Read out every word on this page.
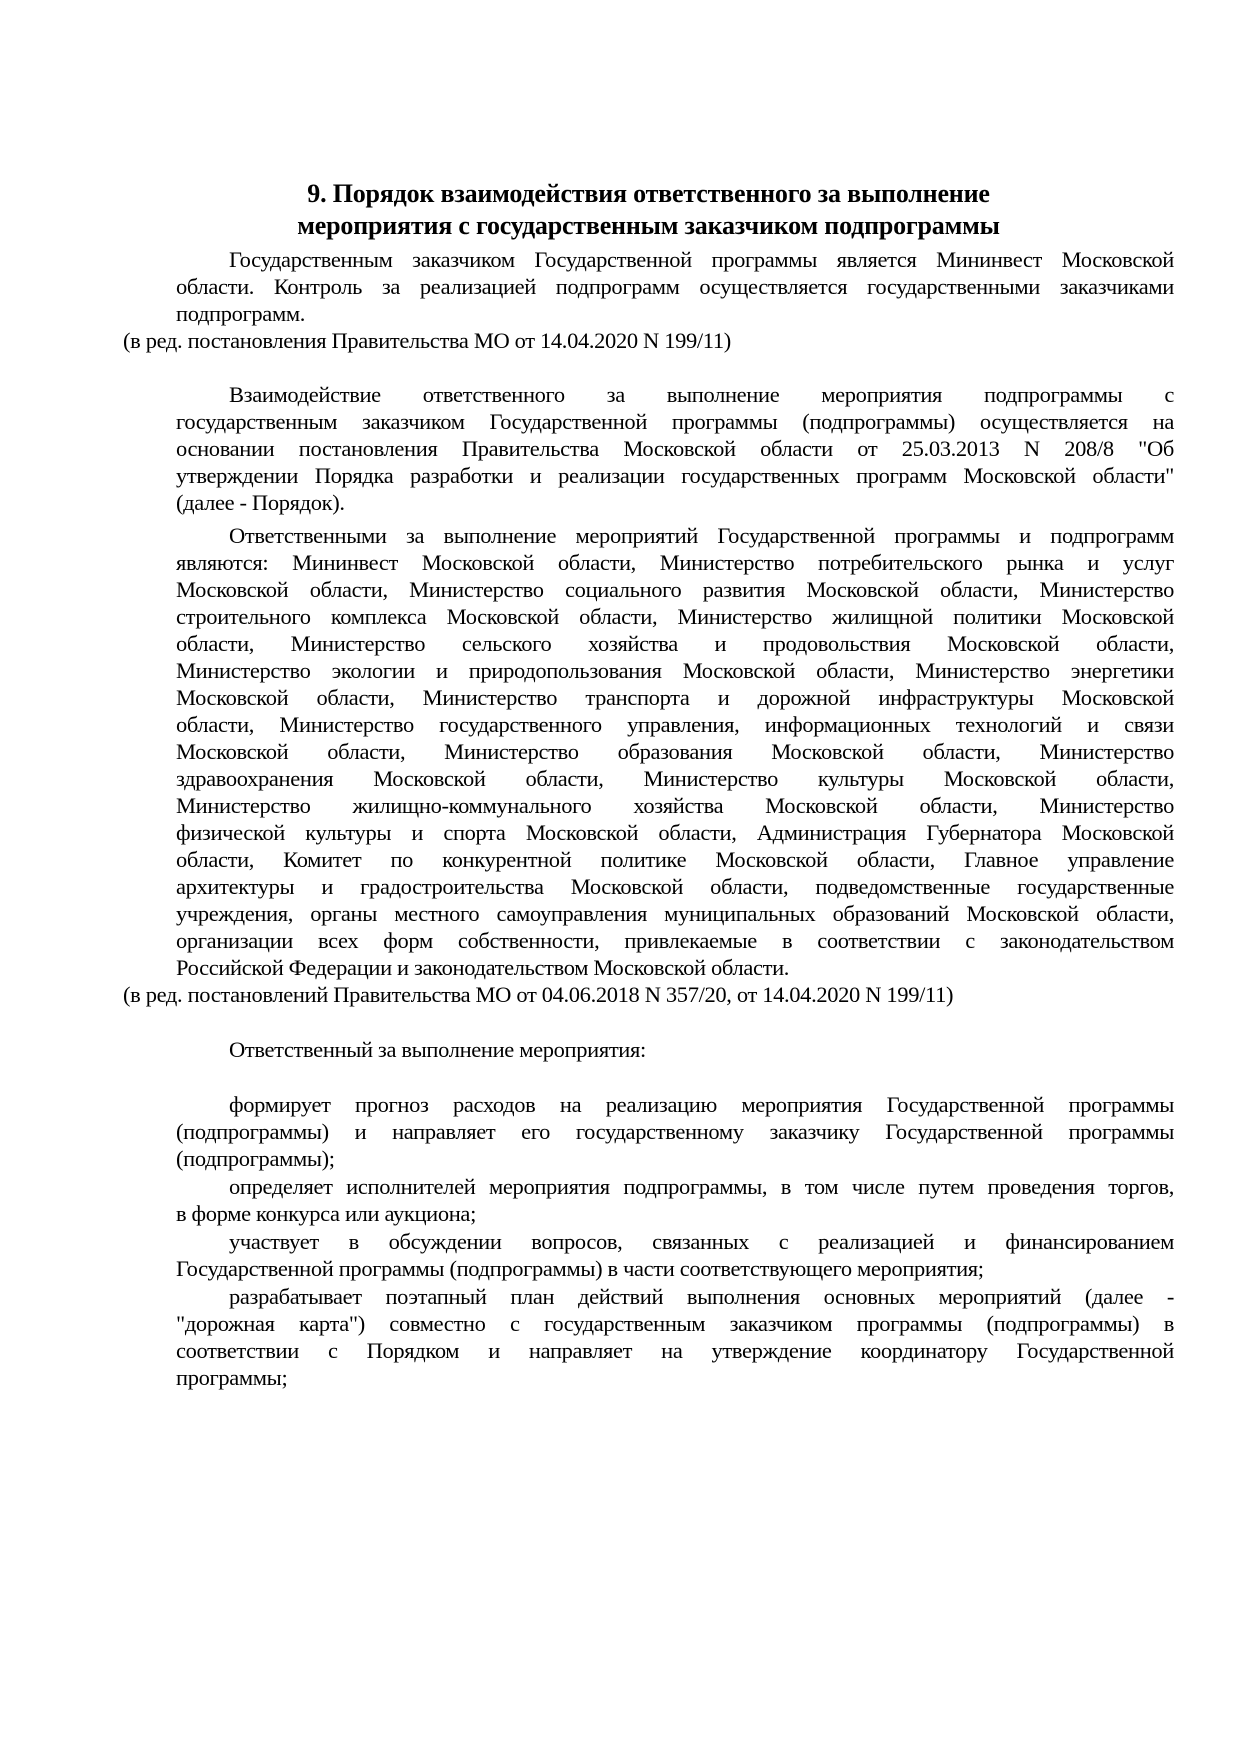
9. Порядок взаимодействия ответственного за выполнение
мероприятия с государственным заказчиком подпрограммы
Государственным заказчиком Государственной программы является Мининвест Московской
области. Контроль за реализацией подпрограмм осуществляется государственными заказчиками
подпрограмм.
(в ред. постановления Правительства МО от 14.04.2020 N 199/11)
Взаимодействие ответственного за выполнение мероприятия подпрограммы с
государственным заказчиком Государственной программы (подпрограммы) осуществляется на
основании постановления Правительства Московской области от 25.03.2013 N 208/8 "Об
утверждении Порядка разработки и реализации государственных программ Московской области"
(далее - Порядок).
Ответственными за выполнение мероприятий Государственной программы и подпрограмм
являются: Мининвест Московской области, Министерство потребительского рынка и услуг
Московской области, Министерство социального развития Московской области, Министерство
строительного комплекса Московской области, Министерство жилищной политики Московской
области, Министерство сельского хозяйства и продовольствия Московской области,
Министерство экологии и природопользования Московской области, Министерство энергетики
Московской области, Министерство транспорта и дорожной инфраструктуры Московской
области, Министерство государственного управления, информационных технологий и связи
Московской области, Министерство образования Московской области, Министерство
здравоохранения Московской области, Министерство культуры Московской области,
Министерство жилищно-коммунального хозяйства Московской области, Министерство
физической культуры и спорта Московской области, Администрация Губернатора Московской
области, Комитет по конкурентной политике Московской области, Главное управление
архитектуры и градостроительства Московской области, подведомственные государственные
учреждения, органы местного самоуправления муниципальных образований Московской области,
организации всех форм собственности, привлекаемые в соответствии с законодательством
Российской Федерации и законодательством Московской области.
(в ред. постановлений Правительства МО от 04.06.2018 N 357/20, от 14.04.2020 N 199/11)
Ответственный за выполнение мероприятия:
формирует прогноз расходов на реализацию мероприятия Государственной программы
(подпрограммы) и направляет его государственному заказчику Государственной программы
(подпрограммы);
определяет исполнителей мероприятия подпрограммы, в том числе путем проведения торгов,
в форме конкурса или аукциона;
участвует в обсуждении вопросов, связанных с реализацией и финансированием
Государственной программы (подпрограммы) в части соответствующего мероприятия;
разрабатывает поэтапный план действий выполнения основных мероприятий (далее -
"дорожная карта") совместно с государственным заказчиком программы (подпрограммы) в
соответствии с Порядком и направляет на утверждение координатору Государственной
программы;
